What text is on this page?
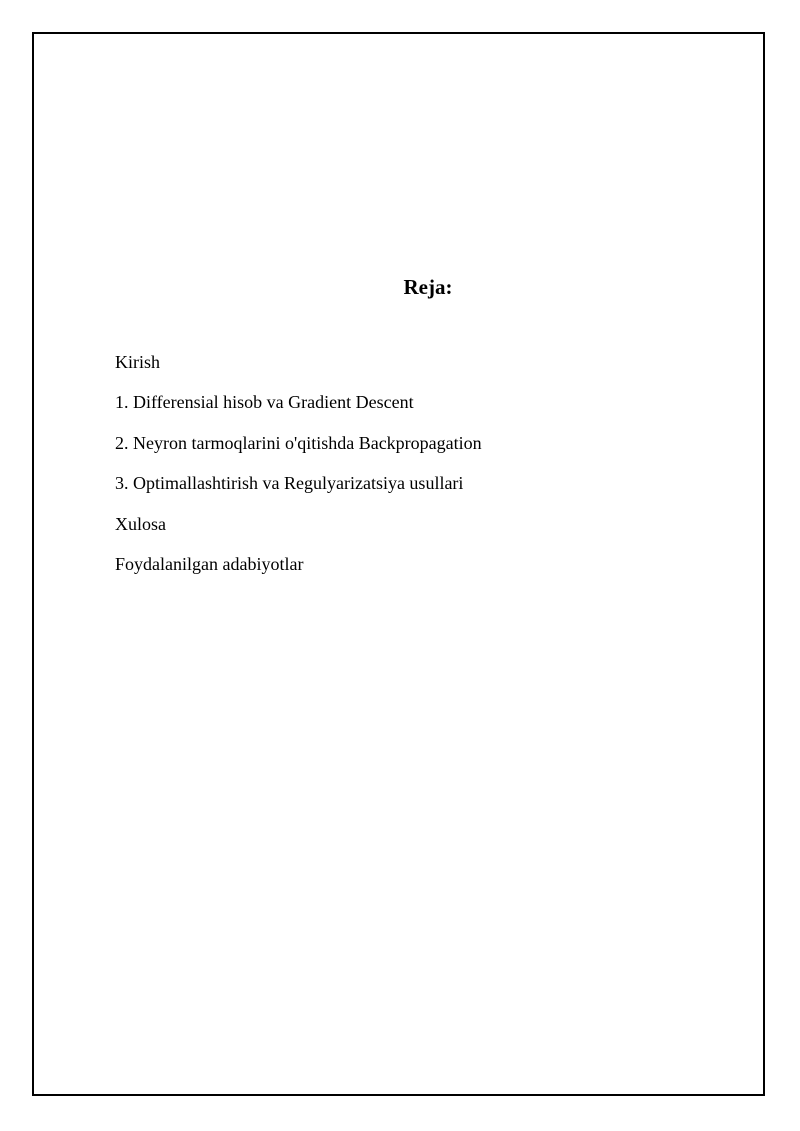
Reja:
Kirish
1. Differensial hisob va Gradient Descent
2. Neyron tarmoqlarini o'qitishda Backpropagation
3. Optimallashtirish va Regulyarizatsiya usullari
Xulosa
Foydalanilgan adabiyotlar
